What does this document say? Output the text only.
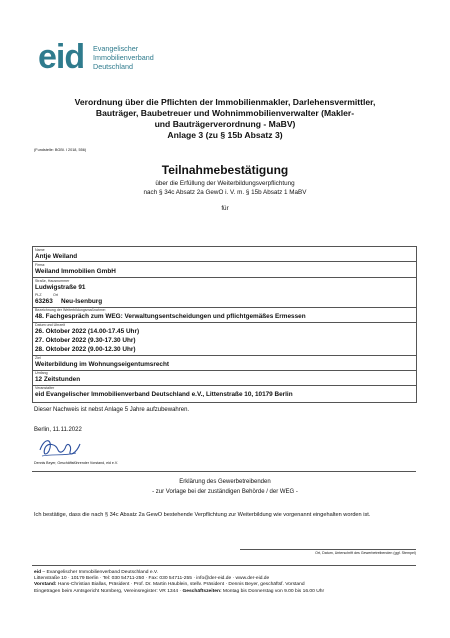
eid Evangelischer
Immobilienverband
Deutschland
Verordnung über die Pflichten der Immobilienmakler, Darlehensvermittler,
Bauträger, Baubetreuer und Wohnimmobilienverwalter (Makler-
und Bauträgerverordnung - MaBV)
Anlage 3 (zu § 15b Absatz 3)
(Fundstelle: BGBl. I 2018, 556)
Teilnahmebestätigung
über die Erfüllung der Weiterbildungsverpflichtung
nach § 34c Absatz 2a GewO i. V. m. § 15b Absatz 1 MaBV
für
Name
Antje Weiland
Firma:
Weiland Immobilien GmbH
Straße, Hausnummer
Ludwigstraße 91
PLZ	Ort
63263 Neu-Isenburg
Bezeichnung der Weiterbildungsmaßnahme:
48. Fachgespräch zum WEG: Verwaltungsentscheidungen und pflichtgemäßes Ermessen
Datum und Uhrzeit
26. Oktober 2022 (14.00-17.45 Uhr)
27. Oktober 2022 (9.30-17.30 Uhr)
28. Oktober 2022 (9.00-12.30 Uhr)
Ziel
Weiterbildung im Wohnungseigentumsrecht
Umfang
12 Zeitstunden
Veranstalter
eid Evangelischer Immobilienverband Deutschland e.V., Littenstraße 10, 10179 Berlin
Dieser Nachweis ist nebst Anlage 5 Jahre aufzubewahren.
Berlin, 11.11.2022
Dennis Beyer, Geschäftsführender Vorstand, eid e.V.
Erklärung des Gewerbetreibenden
- zur Vorlage bei der zuständigen Behörde / der WEG -
Ich bestätige, dass die nach § 34c Absatz 2a GewO bestehende Verpflichtung zur Weiterbildung wie vorgenannt eingehalten worden ist.
Ort, Datum, Unterschrift des Gewerbetreibenden (ggf. Stempel)
eid – Evangelischer Immobilienverband Deutschland e.V.
Littenstraße 10 · 10179 Berlin · Tel: 030 54711-250 · Fax: 030 54711-255 · info@der-eid.de · www.der-eid.de
Vorstand: Hans-Christian Biallas, Präsident · Prof. Dr. Martin Häublein, stellv. Präsident · Dennis Beyer, geschäftsf. Vorstand
Eingetragen beim Amtsgericht Nürnberg, Vereinsregister: VR 1344 · Geschäftszeiten: Montag bis Donnerstag von 9.00 bis 16.00 Uhr
